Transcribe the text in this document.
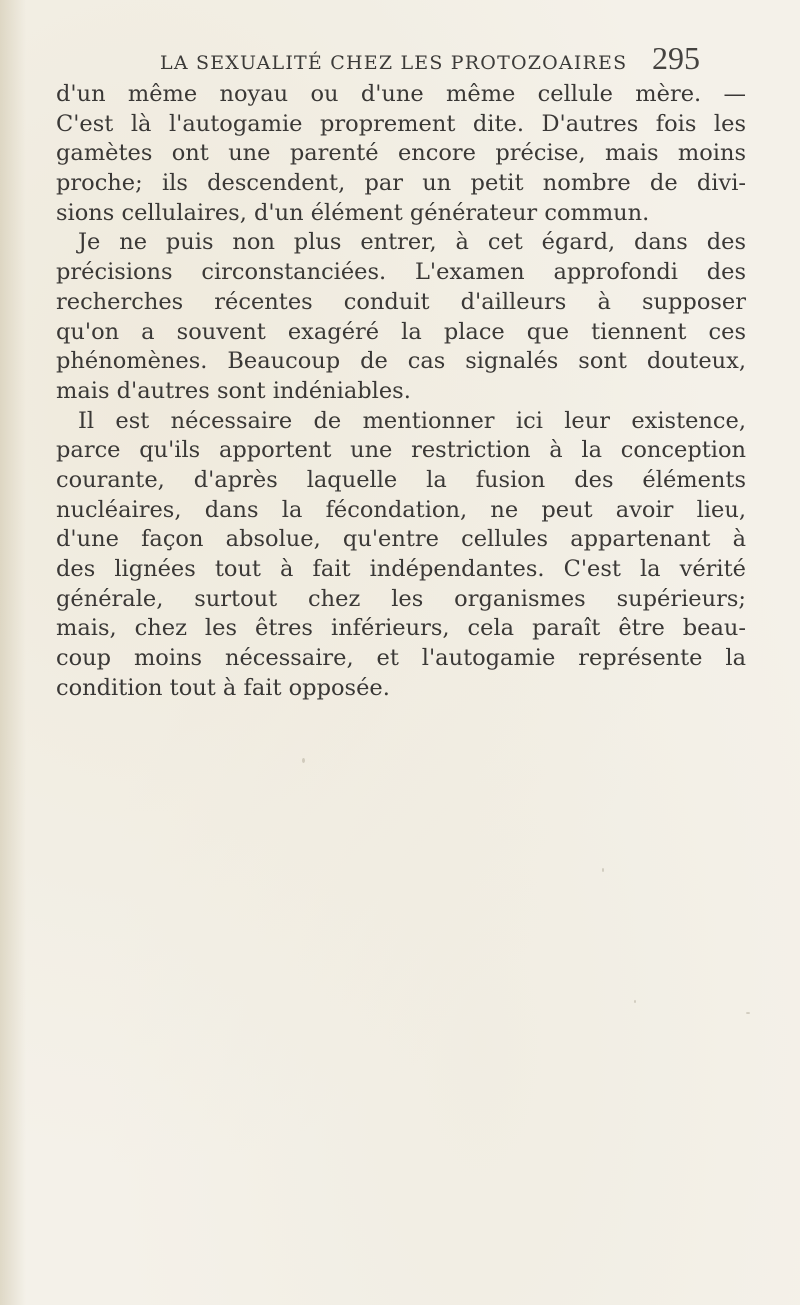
LA SEXUALITÉ CHEZ LES PROTOZOAIRES 295
d'un même noyau ou d'une même cellule mère. —
C'est là l'autogamie proprement dite. D'autres fois les
gamètes ont une parenté encore précise, mais moins
proche; ils descendent, par un petit nombre de divi-
sions cellulaires, d'un élément générateur commun.
Je ne puis non plus entrer, à cet égard, dans des
précisions circonstanciées. L'examen approfondi des
recherches récentes conduit d'ailleurs à supposer
qu'on a souvent exagéré la place que tiennent ces
phénomènes. Beaucoup de cas signalés sont douteux,
mais d'autres sont indéniables.
Il est nécessaire de mentionner ici leur existence,
parce qu'ils apportent une restriction à la conception
courante, d'après laquelle la fusion des éléments
nucléaires, dans la fécondation, ne peut avoir lieu,
d'une façon absolue, qu'entre cellules appartenant à
des lignées tout à fait indépendantes. C'est la vérité
générale, surtout chez les organismes supérieurs;
mais, chez les êtres inférieurs, cela paraît être beau-
coup moins nécessaire, et l'autogamie représente la
condition tout à fait opposée.
